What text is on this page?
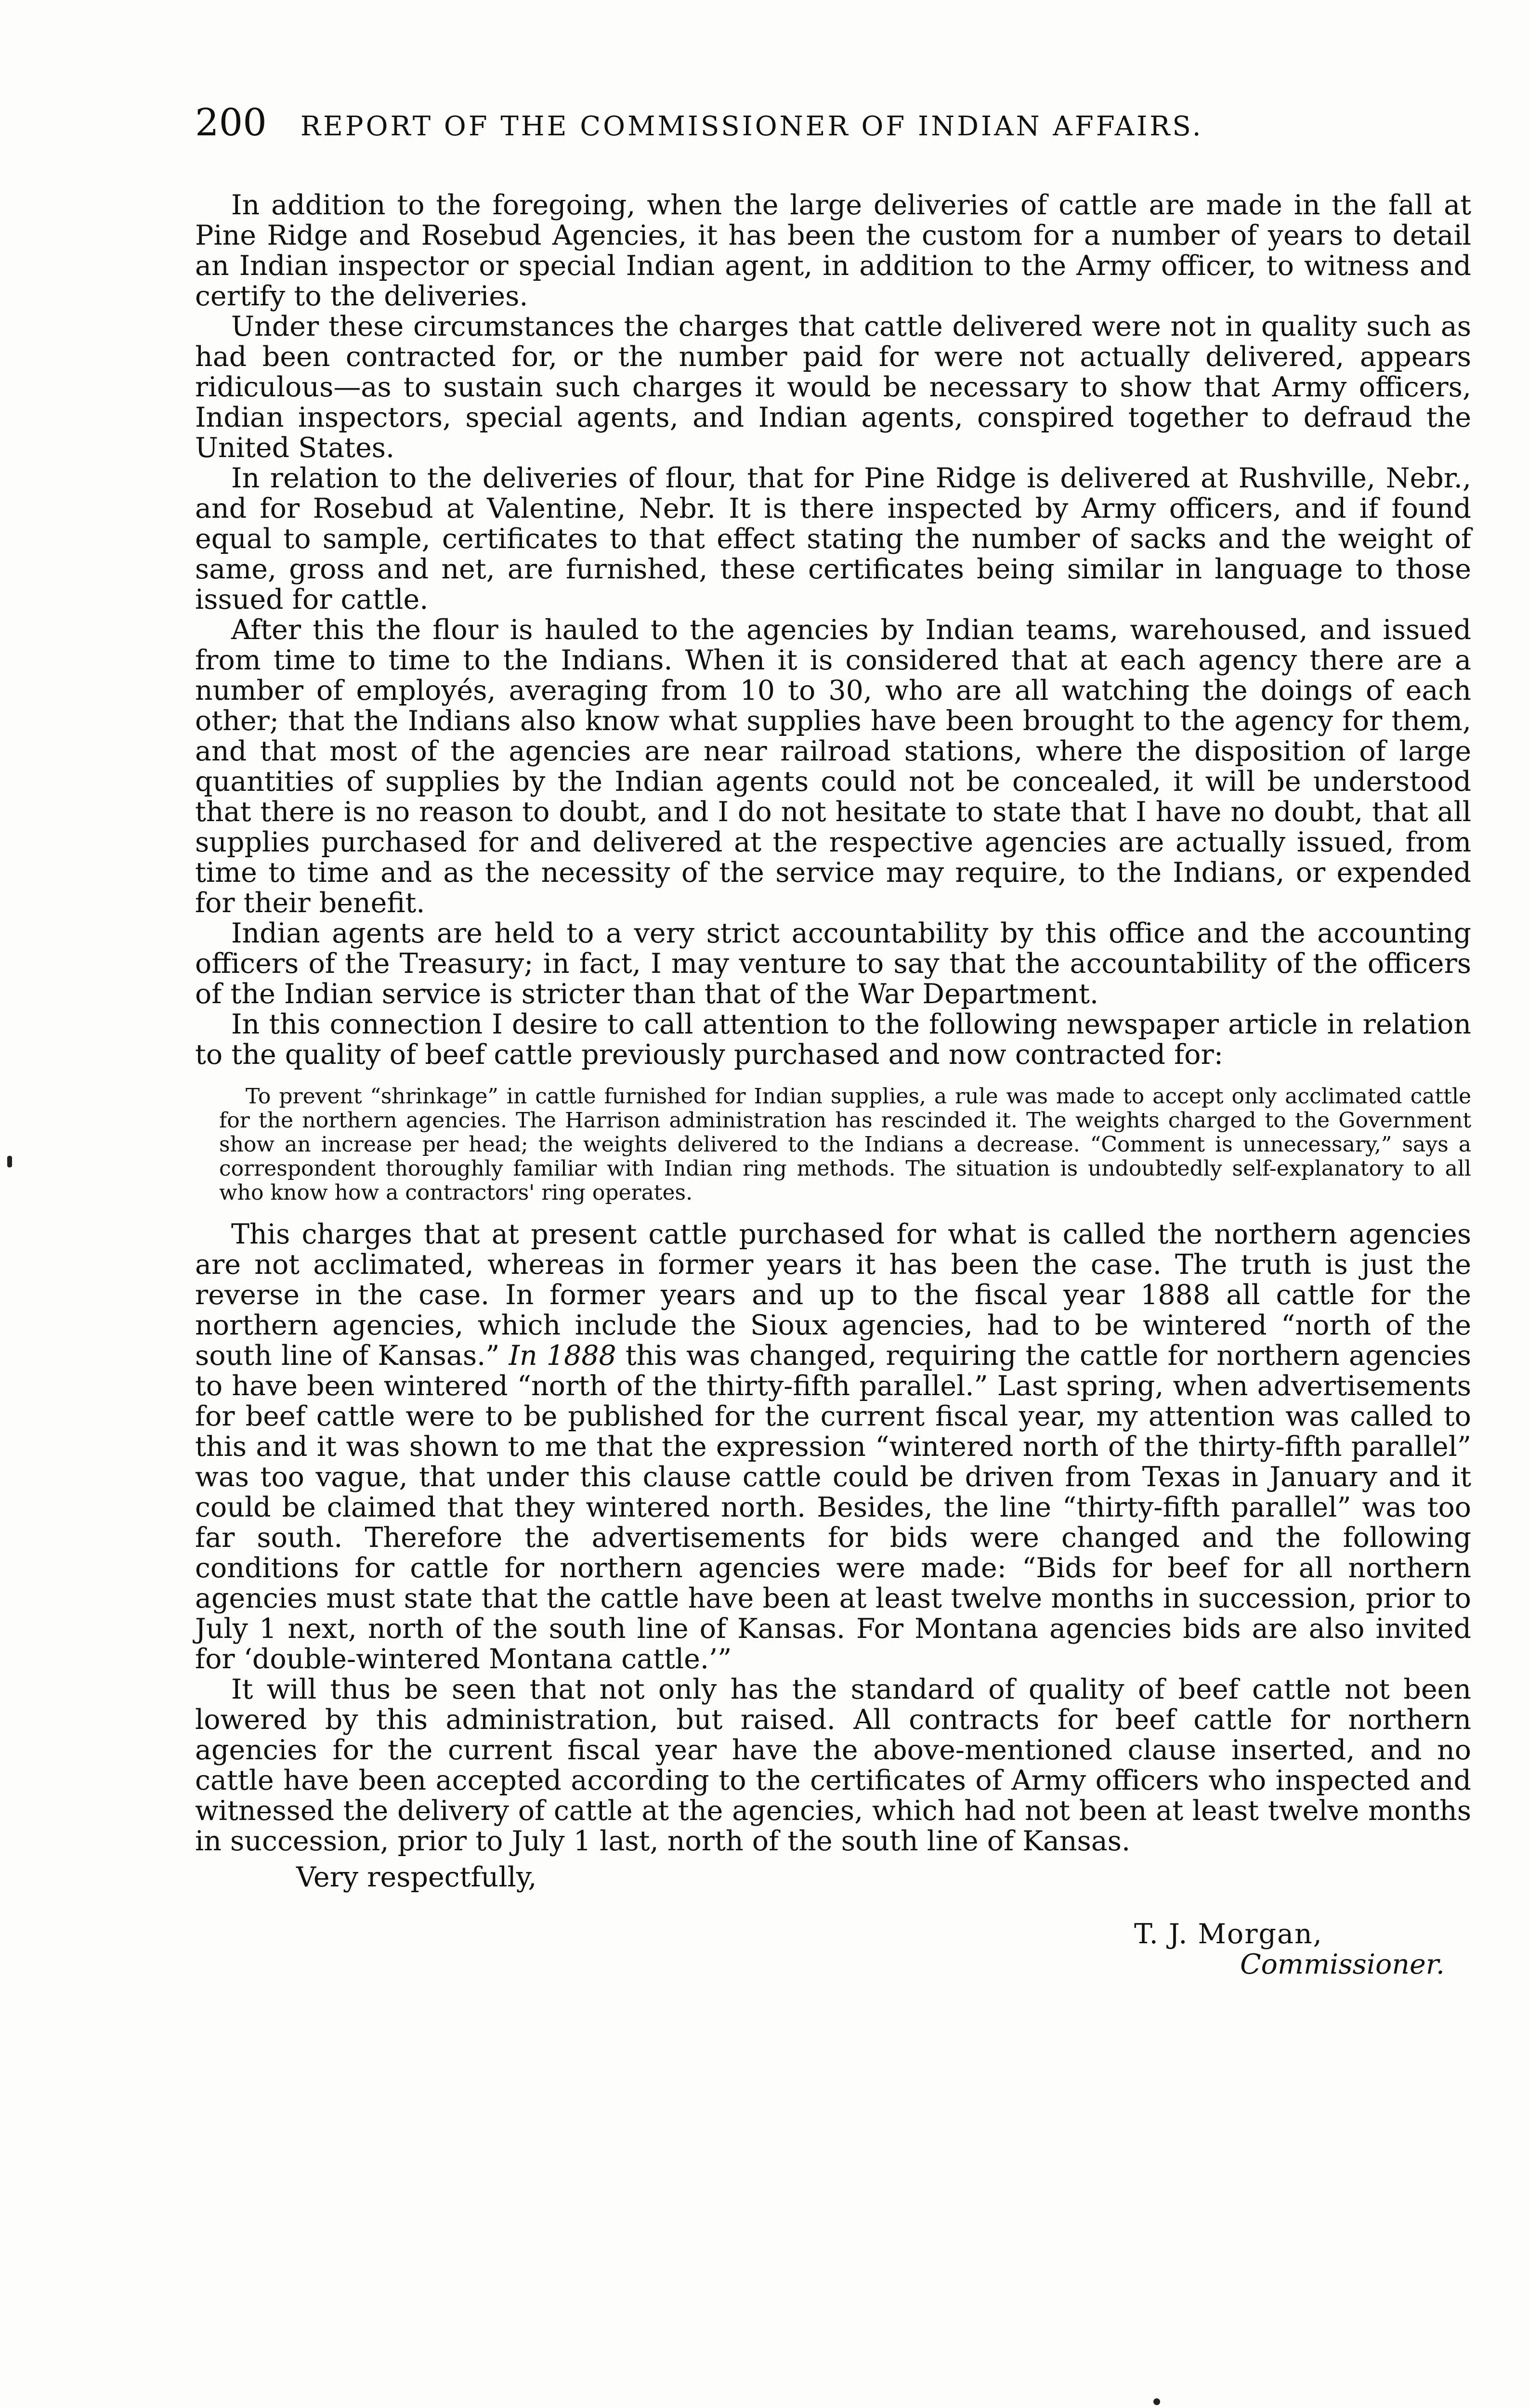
200 REPORT OF THE COMMISSIONER OF INDIAN AFFAIRS.

In addition to the foregoing, when the large deliveries of cattle are made in the fall at Pine Ridge and Rosebud Agencies, it has been the custom for a number of years to detail an Indian inspector or special Indian agent, in addition to the Army officer, to witness and certify to the deliveries.

Under these circumstances the charges that cattle delivered were not in quality such as had been contracted for, or the number paid for were not actually delivered, appears ridiculous—as to sustain such charges it would be necessary to show that Army officers, Indian inspectors, special agents, and Indian agents, conspired together to defraud the United States.

In relation to the deliveries of flour, that for Pine Ridge is delivered at Rushville, Nebr., and for Rosebud at Valentine, Nebr. It is there inspected by Army officers, and if found equal to sample, certificates to that effect stating the number of sacks and the weight of same, gross and net, are furnished, these certificates being similar in language to those issued for cattle.

After this the flour is hauled to the agencies by Indian teams, warehoused, and issued from time to time to the Indians. When it is considered that at each agency there are a number of employés, averaging from 10 to 30, who are all watching the doings of each other; that the Indians also know what supplies have been brought to the agency for them, and that most of the agencies are near railroad stations, where the disposition of large quantities of supplies by the Indian agents could not be concealed, it will be understood that there is no reason to doubt, and I do not hesitate to state that I have no doubt, that all supplies purchased for and delivered at the respective agencies are actually issued, from time to time and as the necessity of the service may require, to the Indians, or expended for their benefit.

Indian agents are held to a very strict accountability by this office and the accounting officers of the Treasury; in fact, I may venture to say that the accountability of the officers of the Indian service is stricter than that of the War Department.

In this connection I desire to call attention to the following newspaper article in relation to the quality of beef cattle previously purchased and now contracted for:

To prevent “shrinkage” in cattle furnished for Indian supplies, a rule was made to accept only acclimated cattle for the northern agencies. The Harrison administration has rescinded it. The weights charged to the Government show an increase per head; the weights delivered to the Indians a decrease. “Comment is unnecessary,” says a correspondent thoroughly familiar with Indian ring methods. The situation is undoubtedly self-explanatory to all who know how a contractors' ring operates.

This charges that at present cattle purchased for what is called the northern agencies are not acclimated, whereas in former years it has been the case. The truth is just the reverse in the case. In former years and up to the fiscal year 1888 all cattle for the northern agencies, which include the Sioux agencies, had to be wintered “north of the south line of Kansas.” In 1888 this was changed, requiring the cattle for northern agencies to have been wintered “north of the thirty-fifth parallel.” Last spring, when advertisements for beef cattle were to be published for the current fiscal year, my attention was called to this and it was shown to me that the expression “wintered north of the thirty-fifth parallel” was too vague, that under this clause cattle could be driven from Texas in January and it could be claimed that they wintered north. Besides, the line “thirty-fifth parallel” was too far south. Therefore the advertisements for bids were changed and the following conditions for cattle for northern agencies were made: “Bids for beef for all northern agencies must state that the cattle have been at least twelve months in succession, prior to July 1 next, north of the south line of Kansas. For Montana agencies bids are also invited for ‘double-wintered Montana cattle.’”

It will thus be seen that not only has the standard of quality of beef cattle not been lowered by this administration, but raised. All contracts for beef cattle for northern agencies for the current fiscal year have the above-mentioned clause inserted, and no cattle have been accepted according to the certificates of Army officers who inspected and witnessed the delivery of cattle at the agencies, which had not been at least twelve months in succession, prior to July 1 last, north of the south line of Kansas.

Very respectfully,
T. J. Morgan,
Commissioner.
